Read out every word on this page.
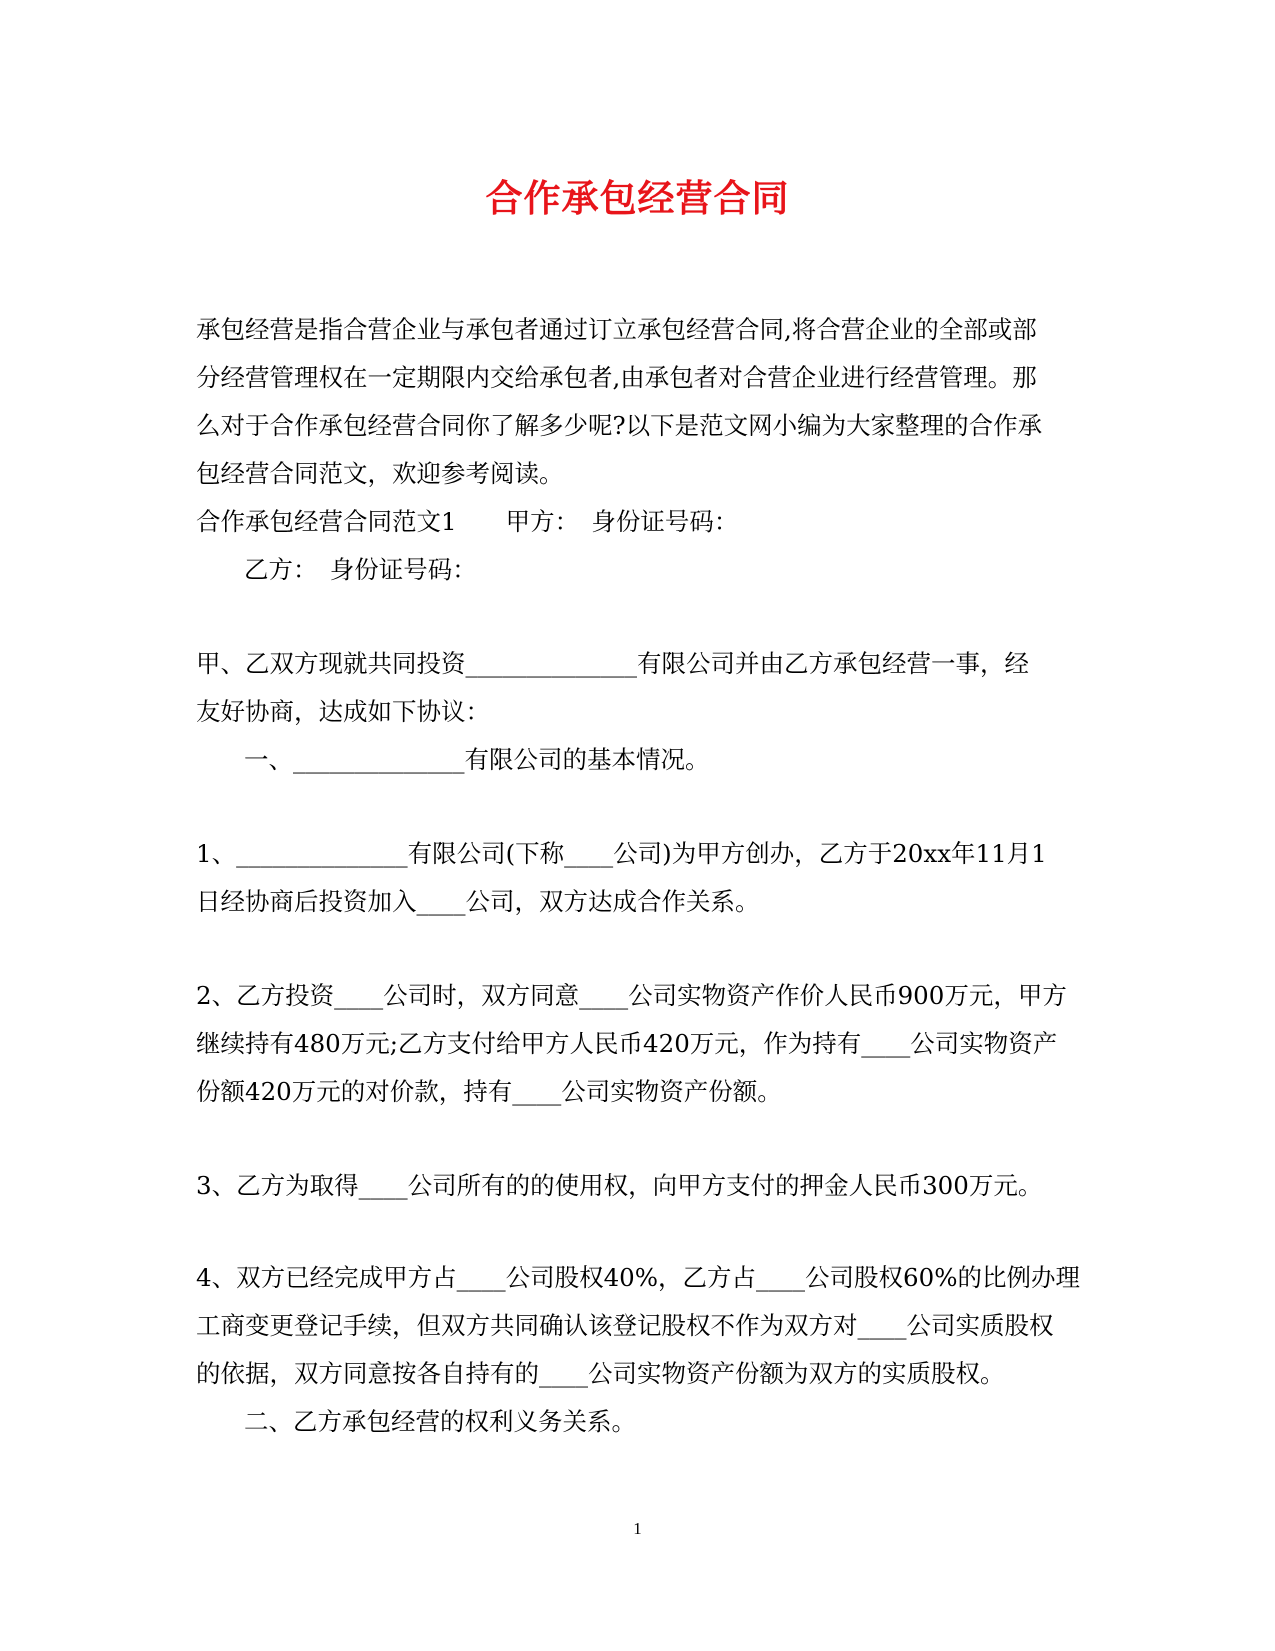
合作承包经营合同
承包经营是指合营企业与承包者通过订立承包经营合同,将合营企业的全部或部
分经营管理权在一定期限内交给承包者,由承包者对合营企业进行经营管理。那
么对于合作承包经营合同你了解多少呢?以下是范文网小编为大家整理的合作承
包经营合同范文，欢迎参考阅读。
合作承包经营合同范文1　　甲方：　身份证号码：
乙方：　身份证号码：
甲、乙双方现就共同投资______________有限公司并由乙方承包经营一事，经
友好协商，达成如下协议：
一、______________有限公司的基本情况。
1、______________有限公司(下称____公司)为甲方创办，乙方于20xx年11月1
日经协商后投资加入____公司，双方达成合作关系。
2、乙方投资____公司时，双方同意____公司实物资产作价人民币900万元，甲方
继续持有480万元;乙方支付给甲方人民币420万元，作为持有____公司实物资产
份额420万元的对价款，持有____公司实物资产份额。
3、乙方为取得____公司所有的的使用权，向甲方支付的押金人民币300万元。
4、双方已经完成甲方占____公司股权40%，乙方占____公司股权60%的比例办理
工商变更登记手续，但双方共同确认该登记股权不作为双方对____公司实质股权
的依据，双方同意按各自持有的____公司实物资产份额为双方的实质股权。
二、乙方承包经营的权利义务关系。
1
